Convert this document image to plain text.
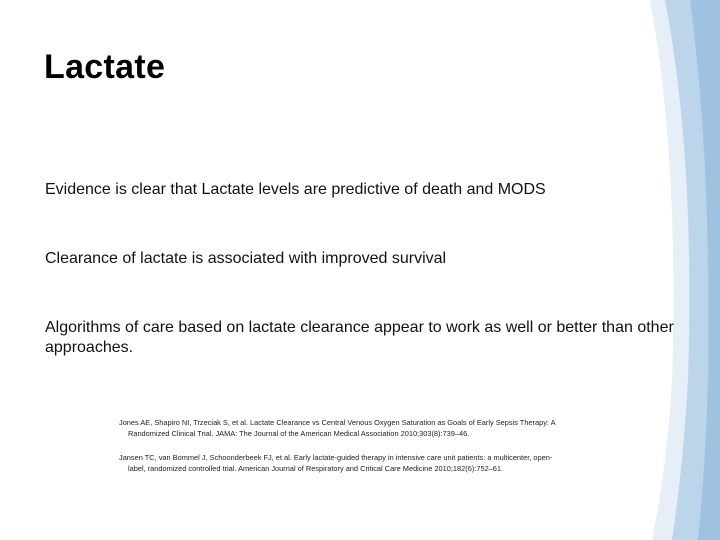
Lactate

Evidence is clear that Lactate levels are predictive of death and MODS

Clearance of lactate is associated with improved survival

Algorithms of care based on lactate clearance appear to work as well or better than other approaches.

Jones AE, Shapiro NI, Trzeciak S, et al. Lactate Clearance vs Central Venous Oxygen Saturation as Goals of Early Sepsis Therapy: A
Randomized Clinical Trial. JAMA: The Journal of the American Medical Association 2010;303(8):739–46.

Jansen TC, van Bommel J, Schoonderbeek FJ, et al. Early lactate-guided therapy in intensive care unit patients: a multicenter, open-
label, randomized controlled trial. American Journal of Respiratory and Critical Care Medicine 2010;182(6):752–61.
